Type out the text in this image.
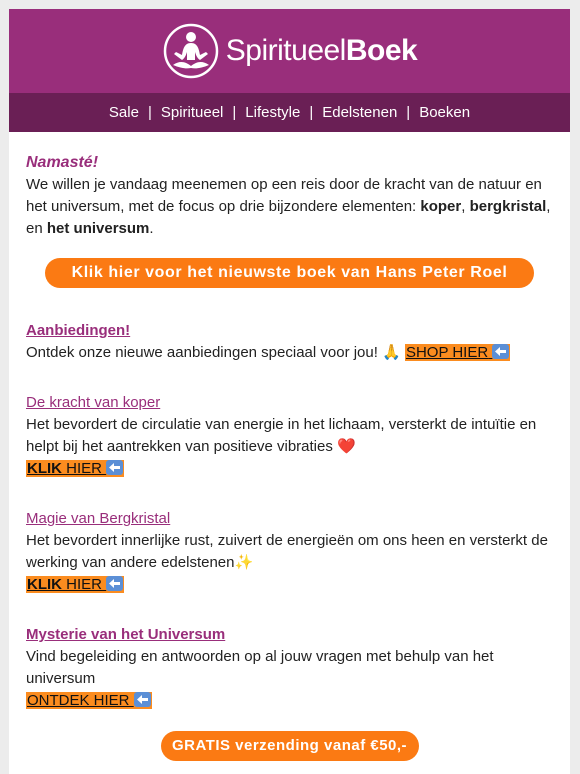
SpiritueelBoek
Sale | Spiritueel | Lifestyle | Edelstenen | Boeken

Namasté!

We willen je vandaag meenemen op een reis door de kracht van de natuur en het universum, met de focus op drie bijzondere elementen: koper, bergkristal, en het universum.

Klik hier voor het nieuwste boek van Hans Peter Roel
Aanbiedingen!

Ontdek onze nieuwe aanbiedingen speciaal voor jou! 🙏 SHOP HIER

De kracht van koper

Het bevordert de circulatie van energie in het lichaam, versterkt de intuïtie en helpt bij het aantrekken van positieve vibraties ❤️

KLIK HIER
Magie van Bergkristal

Het bevordert innerlijke rust, zuivert de energieën om ons heen en versterkt de werking van andere edelstenen✨

KLIK HIER
Mysterie van het Universum

Vind begeleiding en antwoorden op al jouw vragen met behulp van het universum

ONTDEK HIER
GRATIS verzending vanaf €50,-
